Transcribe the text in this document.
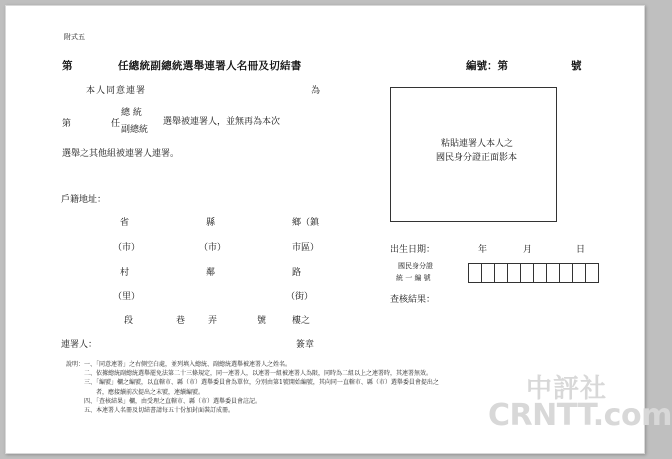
附式五
第	任總統副總統選舉連署人名冊及切結書	編號：第	號
本人同意連署	為
第	任
總 統
副總統
選舉被連署人，並無再為本次
選舉之其他組被連署人連署。
粘貼連署人本人之
國民身分證正面影本
戶籍地址：
省	縣	鄉（鎮
（市）	（市）	市區）
村	鄰	路
（里）	（街）
段	巷	弄	號	樓之
出生日期：	年	月	日
國民身分證
統 一 編 號
查核結果：
連署人：	簽章
說明：一、「同意連署」之右側空白處，並列填入總統、副總統選舉被連署人之姓名。
　　　二、依據總統副總統選舉罷免法第二十三條規定，同一連署人，以連署一組被連署人為限，同時為二組以上之連署時，其連署無效。
　　　三、「編號」欄之編號，以直轄市、縣（市）選舉委員會為單位，分別由第1號開始編號，其向同一直轄市、縣（市）選舉委員會提出之
　　　　　者，應接續前次提出之末號，連續編號。
　　　四、「查核結果」欄，由受理之直轄市、縣（市）選舉委員會註記。
　　　五、本連署人名冊及切結書請每五十份加封面裝訂成冊。
中評社
CRNTT.com
